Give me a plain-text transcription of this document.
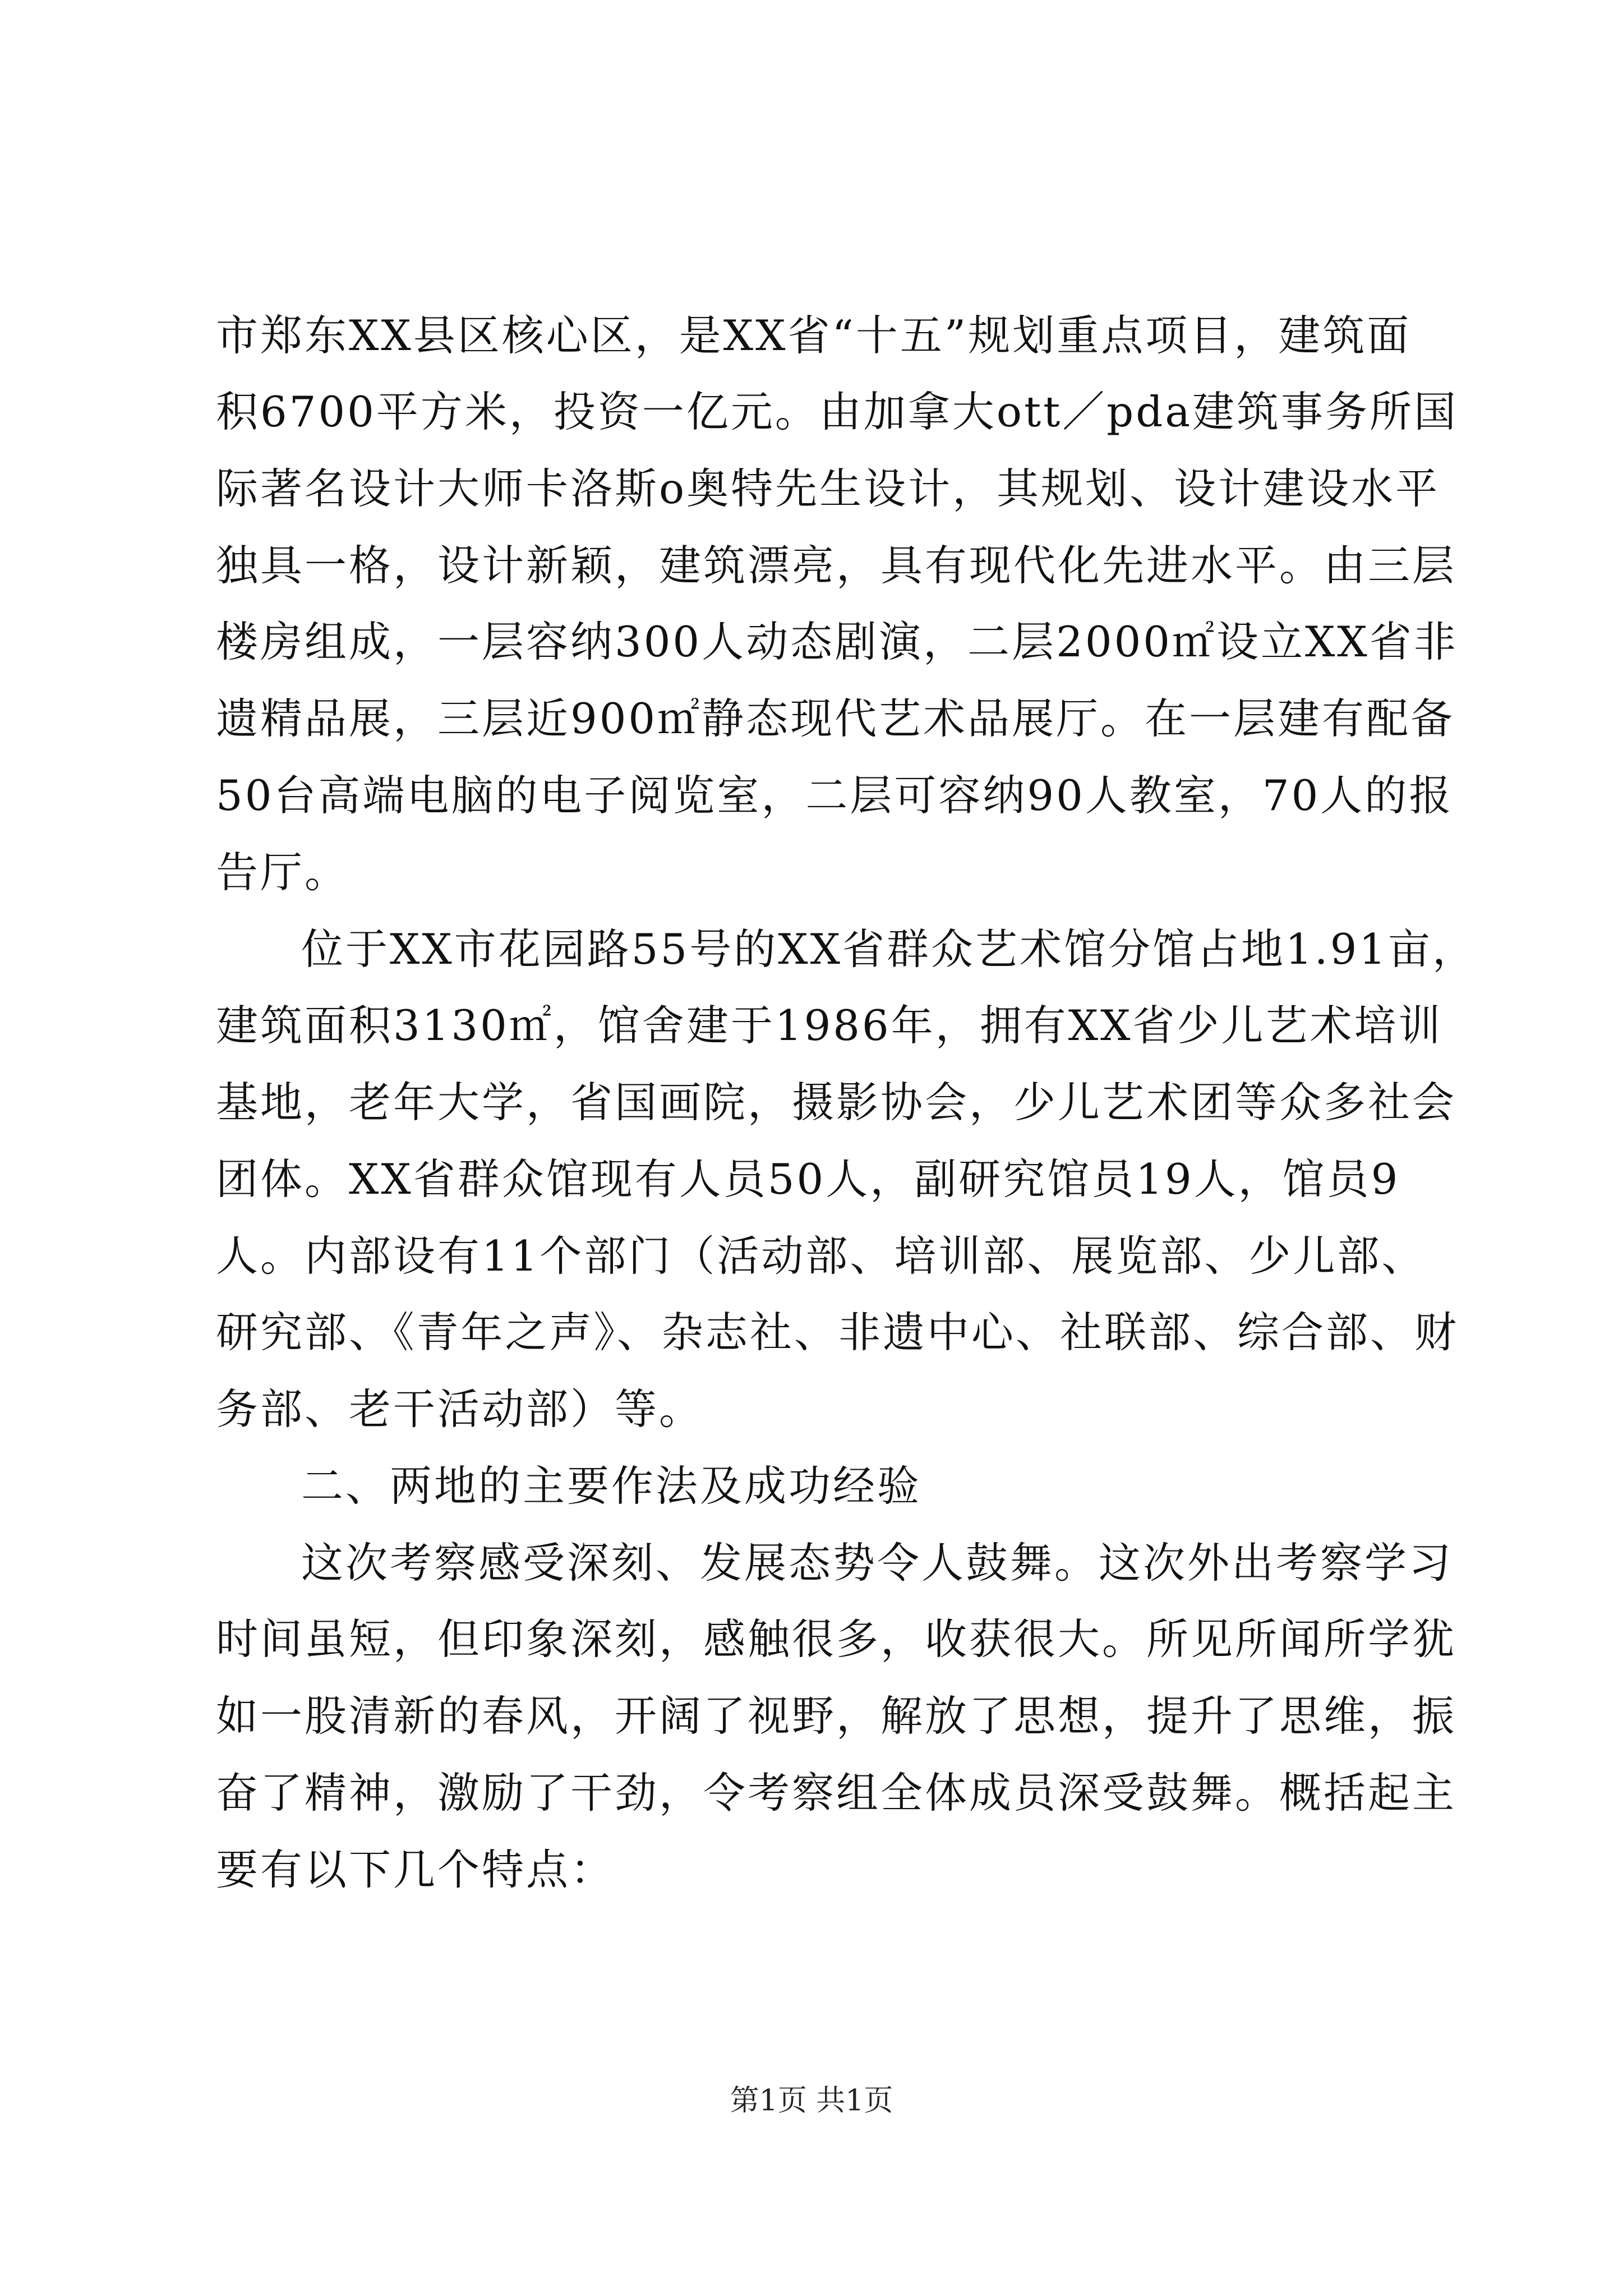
市郑东XX县区核心区，是XX省“十五”规划重点项目，建筑面
积6700平方米，投资一亿元。由加拿大ott／pda建筑事务所国
际著名设计大师卡洛斯o奥特先生设计，其规划、设计建设水平
独具一格，设计新颖，建筑漂亮，具有现代化先进水平。由三层
楼房组成，一层容纳300人动态剧演，二层2000㎡设立XX省非
遗精品展，三层近900㎡静态现代艺术品展厅。在一层建有配备
50台高端电脑的电子阅览室，二层可容纳90人教室，70人的报
告厅。
位于XX市花园路55号的XX省群众艺术馆分馆占地1.91亩，
建筑面积3130㎡，馆舍建于1986年，拥有XX省少儿艺术培训
基地，老年大学，省国画院，摄影协会，少儿艺术团等众多社会
团体。XX省群众馆现有人员50人，副研究馆员19人，馆员9
人。内部设有11个部门（活动部、培训部、展览部、少儿部、
研究部、《青年之声》、杂志社、非遗中心、社联部、综合部、财
务部、老干活动部）等。
二、两地的主要作法及成功经验
这次考察感受深刻、发展态势令人鼓舞。这次外出考察学习
时间虽短，但印象深刻，感触很多，收获很大。所见所闻所学犹
如一股清新的春风，开阔了视野，解放了思想，提升了思维，振
奋了精神，激励了干劲，令考察组全体成员深受鼓舞。概括起主
要有以下几个特点：
第1页 共1页
